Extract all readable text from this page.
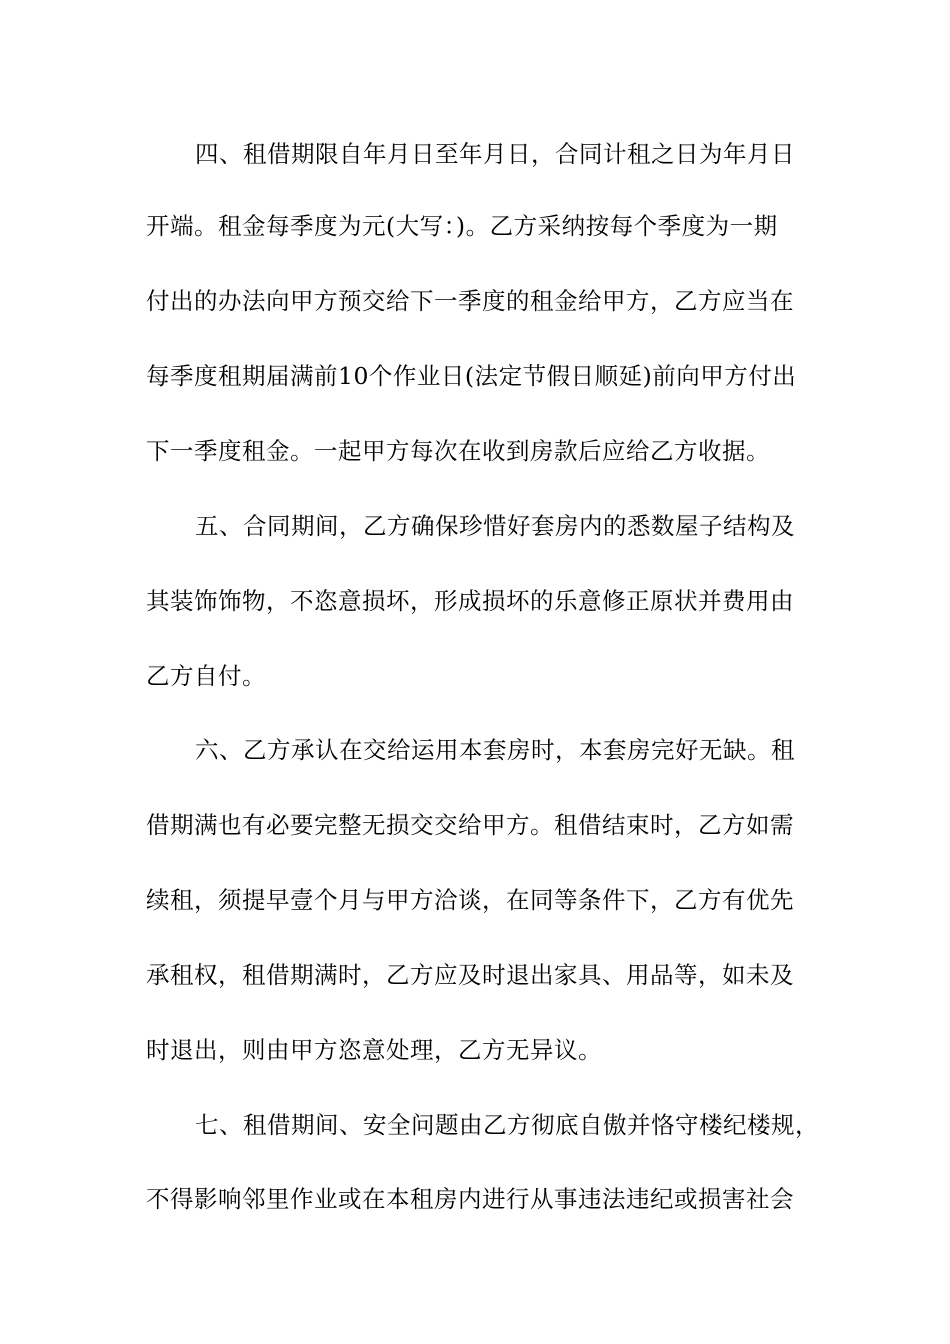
四、租借期限自年月日至年月日，合同计租之日为年月日
开端。租金每季度为元(大写：)。乙方采纳按每个季度为一期
付出的办法向甲方预交给下一季度的租金给甲方，乙方应当在
每季度租期届满前10个作业日(法定节假日顺延)前向甲方付出
下一季度租金。一起甲方每次在收到房款后应给乙方收据。
五、合同期间，乙方确保珍惜好套房内的悉数屋子结构及
其装饰饰物，不恣意损坏，形成损坏的乐意修正原状并费用由
乙方自付。
六、乙方承认在交给运用本套房时，本套房完好无缺。租
借期满也有必要完整无损交交给甲方。租借结束时，乙方如需
续租，须提早壹个月与甲方洽谈，在同等条件下，乙方有优先
承租权，租借期满时，乙方应及时退出家具、用品等，如未及
时退出，则由甲方恣意处理，乙方无异议。
七、租借期间、安全问题由乙方彻底自傲并恪守楼纪楼规，
不得影响邻里作业或在本租房内进行从事违法违纪或损害社会
